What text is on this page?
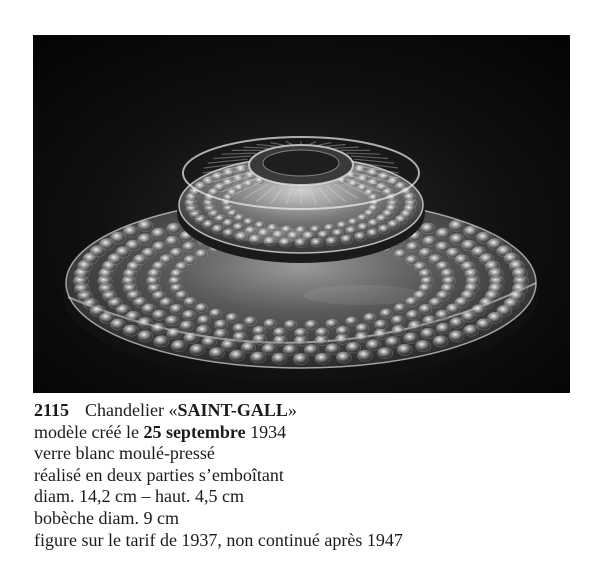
2115 Chandelier «SAINT-GALL»
modèle créé le 25 septembre 1934
verre blanc moulé-pressé
réalisé en deux parties s’emboîtant
diam. 14,2 cm – haut. 4,5 cm
bobèche diam. 9 cm
figure sur le tarif de 1937, non continué après 1947
